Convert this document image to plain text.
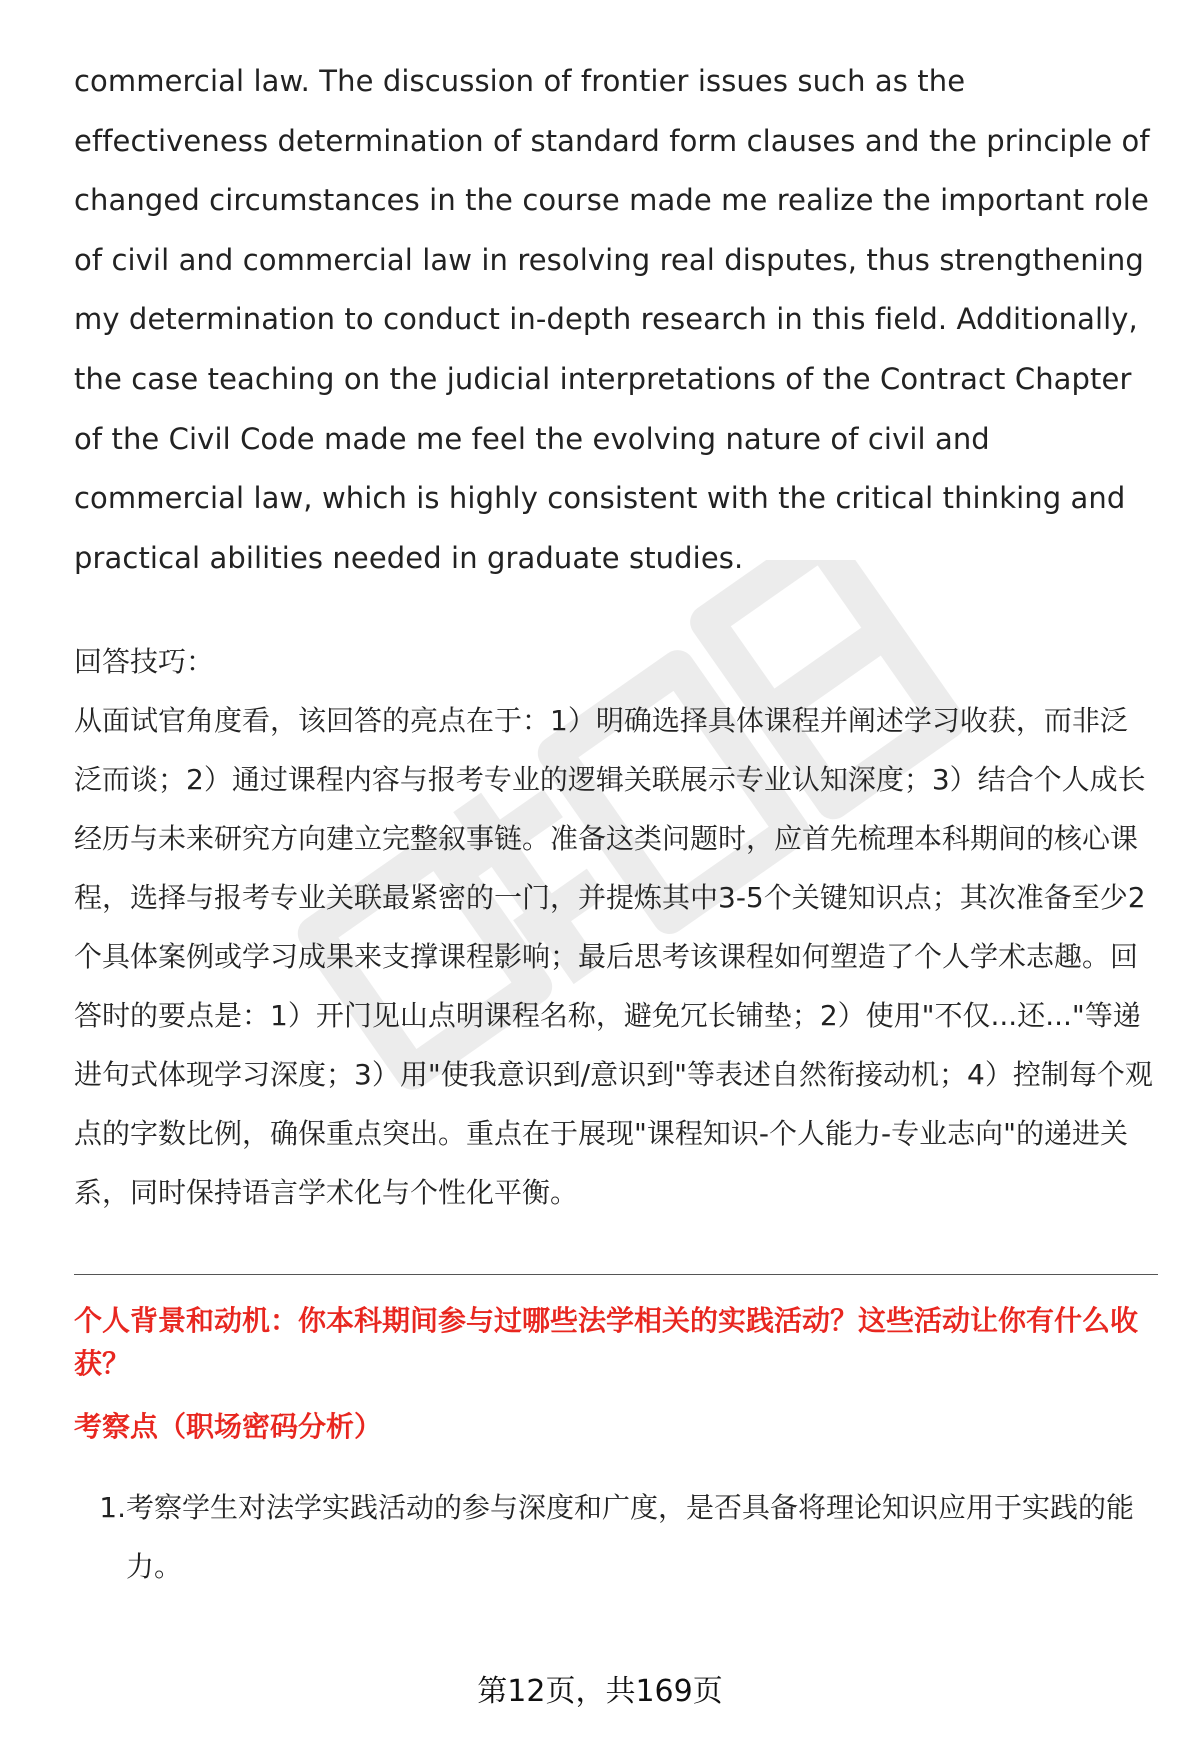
commercial law. The discussion of frontier issues such as the effectiveness determination of standard form clauses and the principle of changed circumstances in the course made me realize the important role of civil and commercial law in resolving real disputes, thus strengthening my determination to conduct in-depth research in this field. Additionally, the case teaching on the judicial interpretations of the Contract Chapter of the Civil Code made me feel the evolving nature of civil and commercial law, which is highly consistent with the critical thinking and practical abilities needed in graduate studies.

回答技巧：

从面试官角度看，该回答的亮点在于：1）明确选择具体课程并阐述学习收获，而非泛泛而谈；2）通过课程内容与报考专业的逻辑关联展示专业认知深度；3）结合个人成长经历与未来研究方向建立完整叙事链。准备这类问题时，应首先梳理本科期间的核心课程，选择与报考专业关联最紧密的一门，并提炼其中3-5个关键知识点；其次准备至少2个具体案例或学习成果来支撑课程影响；最后思考该课程如何塑造了个人学术志趣。回答时的要点是：1）开门见山点明课程名称，避免冗长铺垫；2）使用"不仅...还..."等递进句式体现学习深度；3）用"使我意识到/意识到"等表述自然衔接动机；4）控制每个观点的字数比例，确保重点突出。重点在于展现"课程知识-个人能力-专业志向"的递进关系，同时保持语言学术化与个性化平衡。

个人背景和动机：你本科期间参与过哪些法学相关的实践活动？这些活动让你有什么收获？
考察点（职场密码分析）
1. 考察学生对法学实践活动的参与深度和广度，是否具备将理论知识应用于实践的能力。
第12页，共169页
